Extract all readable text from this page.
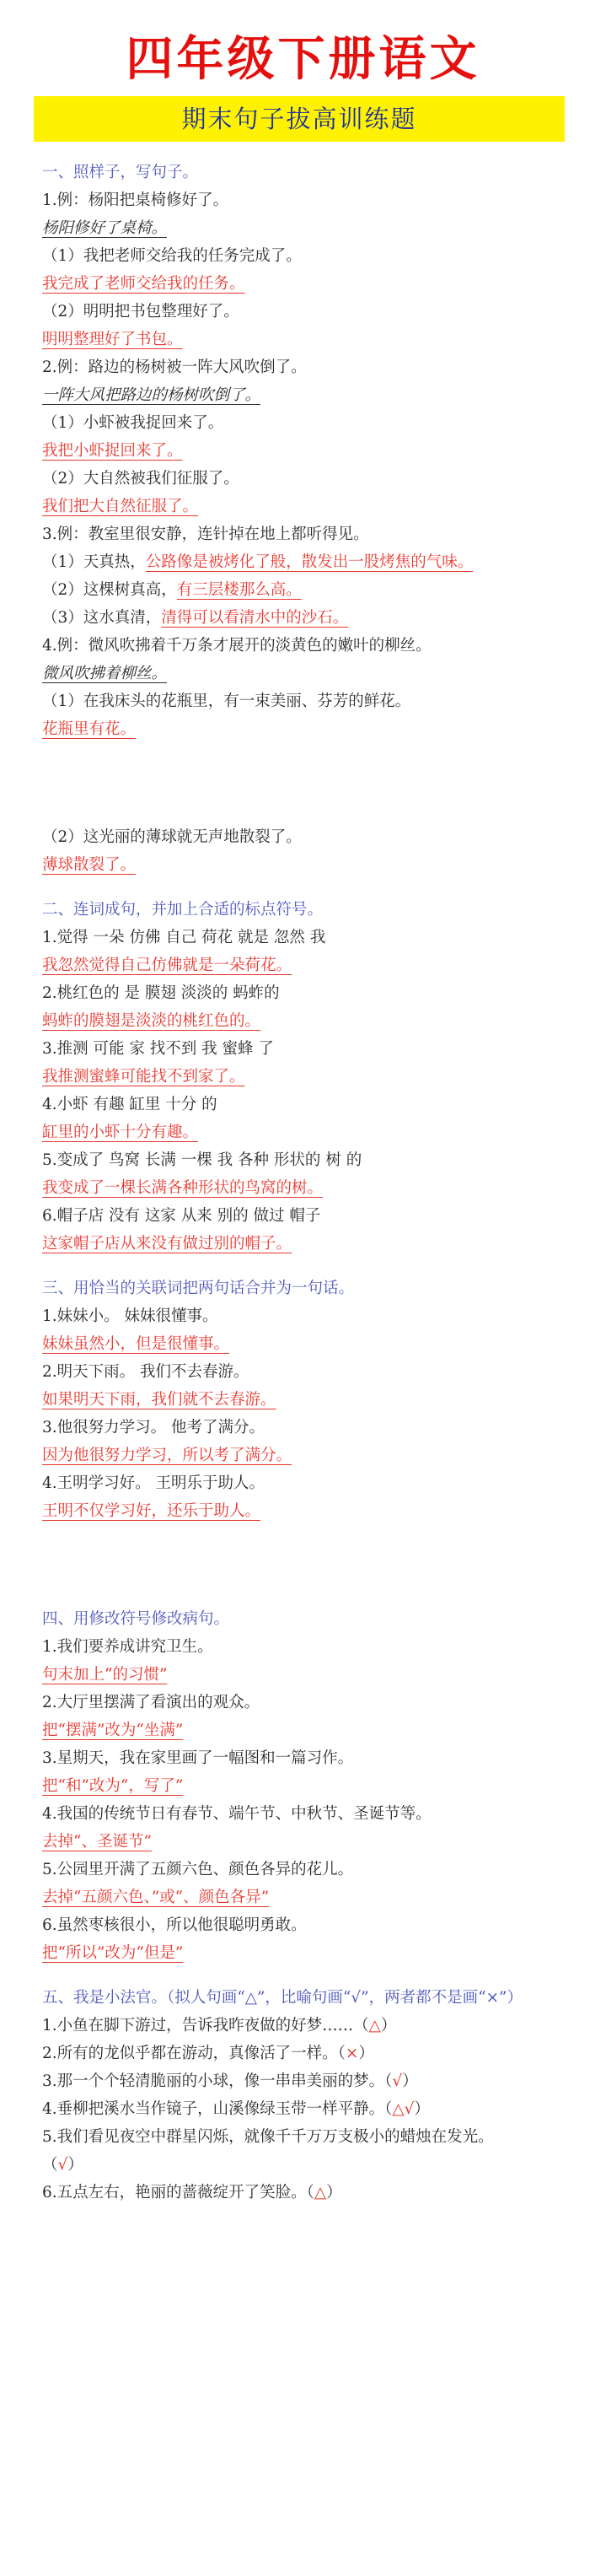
四年级下册语文
期末句子拔高训练题
一、照样子，写句子。
1.例：杨阳把桌椅修好了。
杨阳修好了桌椅。
（1）我把老师交给我的任务完成了。
我完成了老师交给我的任务。
（2）明明把书包整理好了。
明明整理好了书包。
2.例：路边的杨树被一阵大风吹倒了。
一阵大风把路边的杨树吹倒了。
（1）小虾被我捉回来了。
我把小虾捉回来了。
（2）大自然被我们征服了。
我们把大自然征服了。
3.例：教室里很安静，连针掉在地上都听得见。
（1）天真热，公路像是被烤化了般，散发出一股烤焦的气味。
（2）这棵树真高，有三层楼那么高。
（3）这水真清，清得可以看清水中的沙石。
4.例：微风吹拂着千万条才展开的淡黄色的嫩叶的柳丝。
微风吹拂着柳丝。
（1）在我床头的花瓶里，有一束美丽、芬芳的鲜花。
花瓶里有花。
（2）这光丽的薄球就无声地散裂了。
薄球散裂了。
二、连词成句，并加上合适的标点符号。
1.觉得 一朵 仿佛 自己 荷花 就是 忽然 我
我忽然觉得自己仿佛就是一朵荷花。
2.桃红色的 是 膜翅 淡淡的 蚂蚱的
蚂蚱的膜翅是淡淡的桃红色的。
3.推测 可能 家 找不到 我 蜜蜂 了
我推测蜜蜂可能找不到家了。
4.小虾 有趣 缸里 十分 的
缸里的小虾十分有趣。
5.变成了 鸟窝 长满 一棵 我 各种 形状的 树 的
我变成了一棵长满各种形状的鸟窝的树。
6.帽子店 没有 这家 从来 别的 做过 帽子
这家帽子店从来没有做过别的帽子。
三、用恰当的关联词把两句话合并为一句话。
1.妹妹小。 妹妹很懂事。
妹妹虽然小，但是很懂事。
2.明天下雨。 我们不去春游。
如果明天下雨，我们就不去春游。
3.他很努力学习。 他考了满分。
因为他很努力学习，所以考了满分。
4.王明学习好。 王明乐于助人。
王明不仅学习好，还乐于助人。
四、用修改符号修改病句。
1.我们要养成讲究卫生。
句末加上“的习惯”
2.大厅里摆满了看演出的观众。
把“摆满”改为“坐满”
3.星期天，我在家里画了一幅图和一篇习作。
把“和”改为“，写了”
4.我国的传统节日有春节、端午节、中秋节、圣诞节等。
去掉“、圣诞节”
5.公园里开满了五颜六色、颜色各异的花儿。
去掉“五颜六色、”或“、颜色各异”
6.虽然枣核很小，所以他很聪明勇敢。
把“所以”改为“但是”
五、我是小法官。（拟人句画“△”，比喻句画“√”，两者都不是画“×”）
1.小鱼在脚下游过，告诉我昨夜做的好梦……（△）
2.所有的龙似乎都在游动，真像活了一样。（×）
3.那一个个轻清脆丽的小球，像一串串美丽的梦。（√）
4.垂柳把溪水当作镜子，山溪像绿玉带一样平静。（△√）
5.我们看见夜空中群星闪烁，就像千千万万支极小的蜡烛在发光。
（√）
6.五点左右，艳丽的蔷薇绽开了笑脸。（△）
